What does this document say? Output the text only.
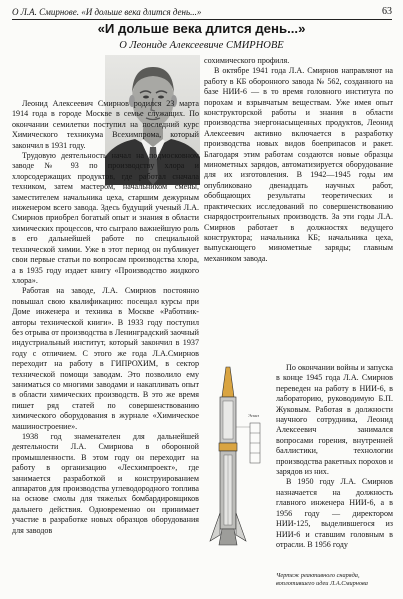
О Л.А. Смирнове. «И дольше века длится день...»	63
«И дольше века длится день...»
О Леониде Алексеевиче СМИРНОВЕ

Леонид Алексеевич Смирнов родился 23 марта 1914 года в городе Москве в семье служащих. По окончании семилетки поступил на последний курс Химического техникума Всехимпрома, который закончил в 1931 году.

Трудовую деятельность начал на подмосковном заводе № 93 по производству хлора и хлорсодержащих продуктов, где работал сначала техником, затем мастером, начальником смены, заместителем начальника цеха, старшим дежурным инженером всего завода. Здесь будущий ученый Л.А. Смирнов приобрел богатый опыт и знания в области химических процессов, что сыграло важнейшую роль в его дальнейшей работе по специальной технической химии. Уже в этот период он публикует свои первые статьи по вопросам производства хлора, а в 1935 году издает книгу «Производство жидкого хлора».

Работая на заводе, Л.А. Смирнов постоянно повышал свою квалификацию: посещал курсы при Доме инженера и техника в Москве «Работник-авторы технической книги». В 1933 году поступил без отрыва от производства в Ленинградский заочный индустриальный институт, который закончил в 1937 году с отличием. С этого же года Л.А.Смирнов переходит на работу в ГИПРОХИМ, в сектор технической помощи заводам. Это позволило ему заниматься со многими заводами и накапливать опыт в области химических производств. В это же время пишет ряд статей по совершенствованию химического оборудования в журнале «Химическое машиностроение».

1938 год знаменателен для дальнейшей деятельности Л.А. Смирнова в оборонной промышленности. В этом году он переходит на работу в организацию «Лесхимпроект», где занимается разработкой и конструированием аппаратов для производства углеводородного топлива на основе смолы для тяжелых бомбардировщиков дальнего действия. Одновременно он принимает участие в разработке новых образцов оборудования для заводов

сохимического профиля.

В октябре 1941 года Л.А. Смирнов направляют на работу в КБ оборонного завода № 562, созданного на базе НИИ-6 — в то время головного института по порохам и взрывчатым веществам. Уже имея опыт конструкторской работы и знания в области производства энергонасыщенных продуктов, Леонид Алексеевич активно включается в разработку производства новых видов боеприпасов и ракет. Благодаря этим работам создаются новые образцы минометных зарядов, автоматизируется оборудование для их изготовления. В 1942—1945 годы им опубликовано двенадцать научных работ, обобщающих результаты теоретических и практических исследований по совершенствованию снарядостроительных производств. За эти годы Л.А. Смирнов работает в должностях ведущего конструктора; начальника КБ; начальника цеха, выпускающего минометные заряды; главным механиком завода.

Эскиз

По окончании войны и запуска в конце 1945 года Л.А. Смирнов переведен на работу в НИИ-6, в лабораторию, руководимую Б.П. Жуковым. Работая в должности научного сотрудника, Леонид Алексеевич занимался вопросами горения, внутренней баллистики, технологии производства ракетных порохов и зарядов из них.

В 1950 году Л.А. Смирнов назначается на должность главного инженера НИИ-6, а в 1956 году — директором НИИ-125, выделившегося из НИИ-6 и ставшим головным в отрасли. В 1956 году

Чертеж реактивного снаряда, воплотившего идеи Л.А.Смирнова
